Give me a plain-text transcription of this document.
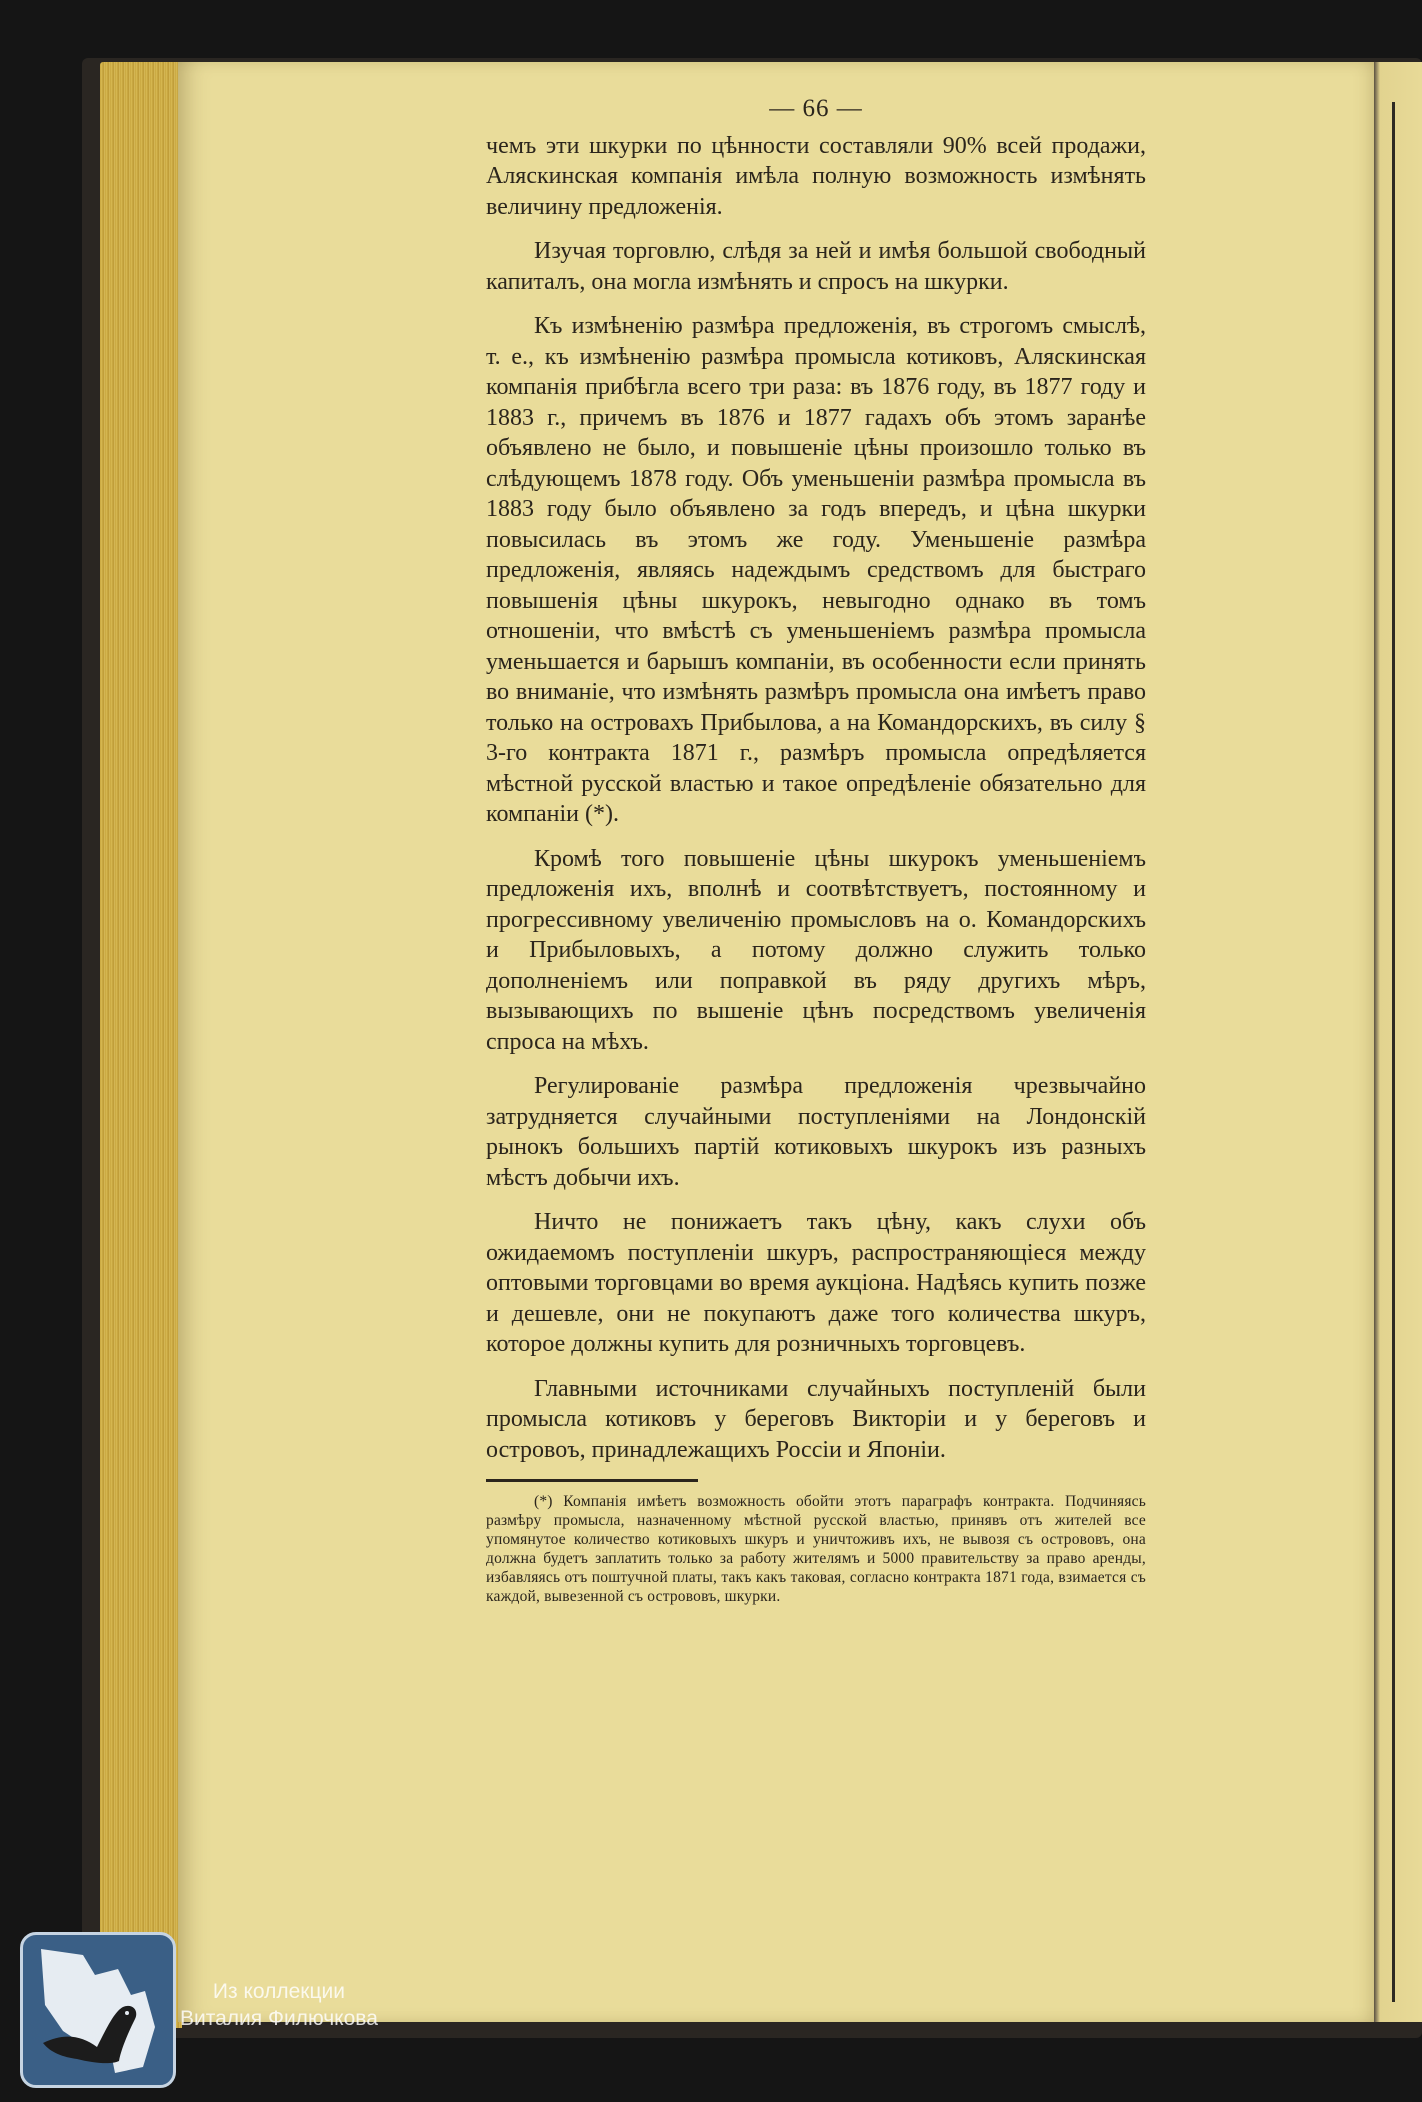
— 66 —

чемъ эти шкурки по цѣнности составляли 90% всей продажи, Аляскинская компанія имѣла полную возможность измѣнять величину предложенія.

Изучая торговлю, слѣдя за ней и имѣя большой свободный капиталъ, она могла измѣнять и спросъ на шкурки.

Къ измѣненію размѣра предложенія, въ строгомъ смыслѣ, т. е., къ измѣненію размѣра промысла котиковъ, Аляскинская компанія прибѣгла всего три раза: въ 1876 году, въ 1877 году и 1883 г., причемъ въ 1876 и 1877 гадахъ объ этомъ заранѣе объявлено не было, и повышеніе цѣны произошло только въ слѣдующемъ 1878 году. Объ уменьшеніи размѣра промысла въ 1883 году было объявлено за годъ впередъ, и цѣна шкурки повысилась въ этомъ же году. Уменьшеніе размѣра предложенія, являясь надеждымъ средствомъ для быстраго повышенія цѣны шкурокъ, невыгодно однако въ томъ отношеніи, что вмѣстѣ съ уменьшеніемъ размѣра промысла уменьшается и барышъ компаніи, въ особенности если принять во вниманіе, что измѣнять размѣръ промысла она имѣетъ право только на островахъ Прибылова, а на Командорскихъ, въ силу § 3-го контракта 1871 г., размѣръ промысла опредѣляется мѣстной русской властью и такое опредѣленіе обязательно для компаніи (*).

Кромѣ того повышеніе цѣны шкурокъ уменьшеніемъ предложенія ихъ, вполнѣ и соотвѣтствуетъ, постоянному и прогрессивному увеличенію промысловъ на о. Командорскихъ и Прибыловыхъ, а потому должно служить только дополненіемъ или поправкой въ ряду другихъ мѣръ, вызывающихъ по вышеніе цѣнъ посредствомъ увеличенія спроса на мѣхъ.

Регулированіе размѣра предложенія чрезвычайно затрудняется случайными поступленіями на Лондонскій рынокъ большихъ партій котиковыхъ шкурокъ изъ разныхъ мѣстъ добычи ихъ.

Ничто не понижаетъ такъ цѣну, какъ слухи объ ожидаемомъ поступленіи шкуръ, распространяющіеся между оптовыми торговцами во время аукціона. Надѣясь купить позже и дешевле, они не покупаютъ даже того количества шкуръ, которое должны купить для розничныхъ торговцевъ.

Главными источниками случайныхъ поступленій были промысла котиковъ у береговъ Викторіи и у береговъ и островоъ, принадлежащихъ Россіи и Японіи.

(*) Компанія имѣетъ возможность обойти этотъ параграфъ контракта. Подчиняясь размѣру промысла, назначенному мѣстной русской властью, принявъ отъ жителей все упомянутое количество котиковыхъ шкуръ и уничтоживъ ихъ, не вывозя съ острововъ, она должна будетъ заплатить только за работу жителямъ и 5000 правительству за право аренды, избавляясь отъ поштучной платы, такъ какъ таковая, согласно контракта 1871 года, взимается съ каждой, вывезенной съ острововъ, шкурки.

Из коллекции
Виталия Филючкова
